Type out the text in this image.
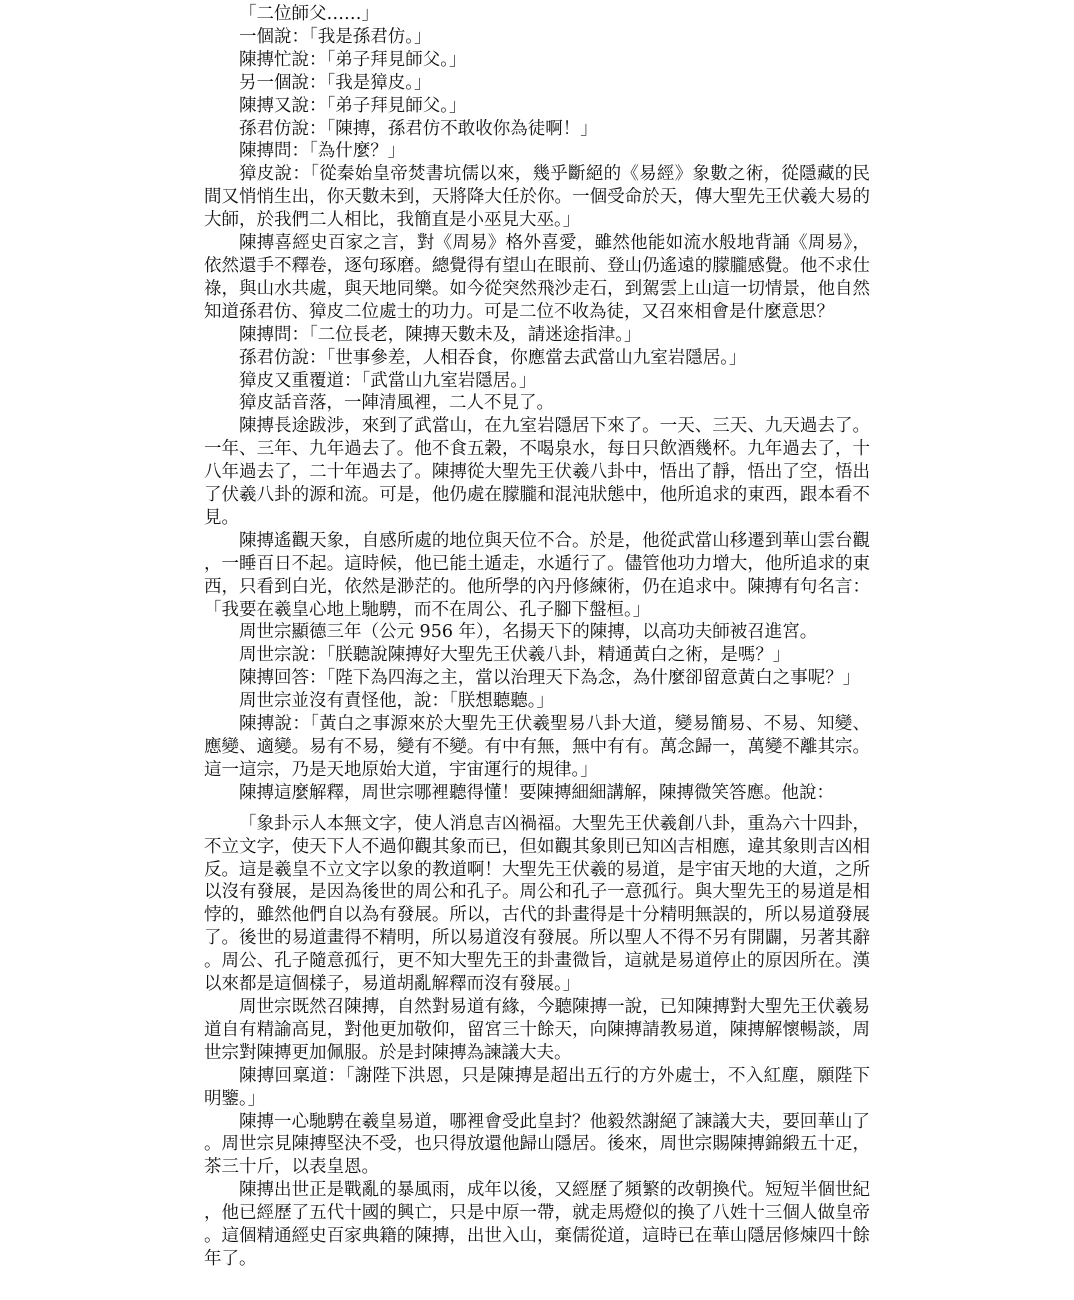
「二位師父……」

一個說：「我是孫君仿。」

陳摶忙說：「弟子拜見師父。」

另一個說：「我是獐皮。」

陳摶又說：「弟子拜見師父。」

孫君仿說：「陳摶，孫君仿不敢收你為徒啊！」

陳摶問：「為什麼？」

獐皮說：「從秦始皇帝焚書坑儒以來，幾乎斷絕的《易經》象數之術，從隱藏的民間又悄悄生出，你天數未到，天將降大任於你。一個受命於天，傳大聖先王伏羲大易的大師，於我們二人相比，我簡直是小巫見大巫。」

陳摶喜經史百家之言，對《周易》格外喜愛，雖然他能如流水般地背誦《周易》，依然還手不釋卷，逐句琢磨。總覺得有望山在眼前、登山仍遙遠的朦朧感覺。他不求仕祿，與山水共處，與天地同樂。如今從突然飛沙走石，到駕雲上山這一切情景，他自然知道孫君仿、獐皮二位處士的功力。可是二位不收為徒，又召來相會是什麼意思？

陳摶問：「二位長老，陳摶天數未及，請迷途指津。」

孫君仿說：「世事參差，人相吞食，你應當去武當山九室岩隱居。」

獐皮又重覆道：「武當山九室岩隱居。」

獐皮話音落，一陣清風裡，二人不見了。

陳摶長途跋涉，來到了武當山，在九室岩隱居下來了。一天、三天、九天過去了。一年、三年、九年過去了。他不食五穀，不喝泉水，每日只飲酒幾杯。九年過去了，十八年過去了，二十年過去了。陳摶從大聖先王伏羲八卦中，悟出了靜，悟出了空，悟出了伏羲八卦的源和流。可是，他仍處在朦朧和混沌狀態中，他所追求的東西，跟本看不見。

陳摶遙觀天象，自感所處的地位與天位不合。於是，他從武當山移遷到華山雲台觀，一睡百日不起。這時候，他已能土遁走，水遁行了。儘管他功力增大，他所追求的東西，只看到白光，依然是渺茫的。他所學的內丹修練術，仍在追求中。陳摶有句名言：「我要在羲皇心地上馳騁，而不在周公、孔子腳下盤桓。」

周世宗顯德三年（公元 956 年），名揚天下的陳摶，以高功夫師被召進宮。

周世宗說：「朕聽說陳摶好大聖先王伏羲八卦，精通黃白之術，是嗎？」

陳摶回答：「陛下為四海之主，當以治理天下為念，為什麼卻留意黃白之事呢？」

周世宗並沒有責怪他，說：「朕想聽聽。」

陳摶說：「黃白之事源來於大聖先王伏羲聖易八卦大道，變易簡易、不易、知變、應變、適變。易有不易，變有不變。有中有無，無中有有。萬念歸一，萬變不離其宗。這一這宗，乃是天地原始大道，宇宙運行的規律。」

陳摶這麼解釋，周世宗哪裡聽得懂！要陳摶細細講解，陳摶微笑答應。他說：

「象卦示人本無文字，使人消息吉凶禍福。大聖先王伏羲創八卦，重為六十四卦，不立文字，使天下人不過仰觀其象而已，但如觀其象則已知凶吉相應，違其象則吉凶相反。這是羲皇不立文字以象的教道啊！大聖先王伏羲的易道，是宇宙天地的大道，之所以沒有發展，是因為後世的周公和孔子。周公和孔子一意孤行。與大聖先王的易道是相悖的，雖然他們自以為有發展。所以，古代的卦畫得是十分精明無誤的，所以易道發展了。後世的易道畫得不精明，所以易道沒有發展。所以聖人不得不另有開闢，另著其辭。周公、孔子隨意孤行，更不知大聖先王的卦畫微旨，這就是易道停止的原因所在。漢以來都是這個樣子，易道胡亂解釋而沒有發展。」

周世宗既然召陳摶，自然對易道有緣，今聽陳摶一說，已知陳摶對大聖先王伏羲易道自有精諭高見，對他更加敬仰，留宮三十餘天，向陳摶請教易道，陳摶解懷暢談，周世宗對陳摶更加佩服。於是封陳摶為諫議大夫。

陳摶回稟道：「謝陛下洪恩，只是陳摶是超出五行的方外處士，不入紅塵，願陛下明鑒。」

陳摶一心馳騁在羲皇易道，哪裡會受此皇封？他毅然謝絕了諫議大夫，要回華山了。周世宗見陳摶堅決不受，也只得放還他歸山隱居。後來，周世宗賜陳摶錦緞五十疋，茶三十斤，以表皇恩。

陳摶出世正是戰亂的暴風雨，成年以後，又經歷了頻繁的改朝換代。短短半個世紀，他已經歷了五代十國的興亡，只是中原一帶，就走馬燈似的換了八姓十三個人做皇帝。這個精通經史百家典籍的陳摶，出世入山，棄儒從道，這時已在華山隱居修煉四十餘年了。
